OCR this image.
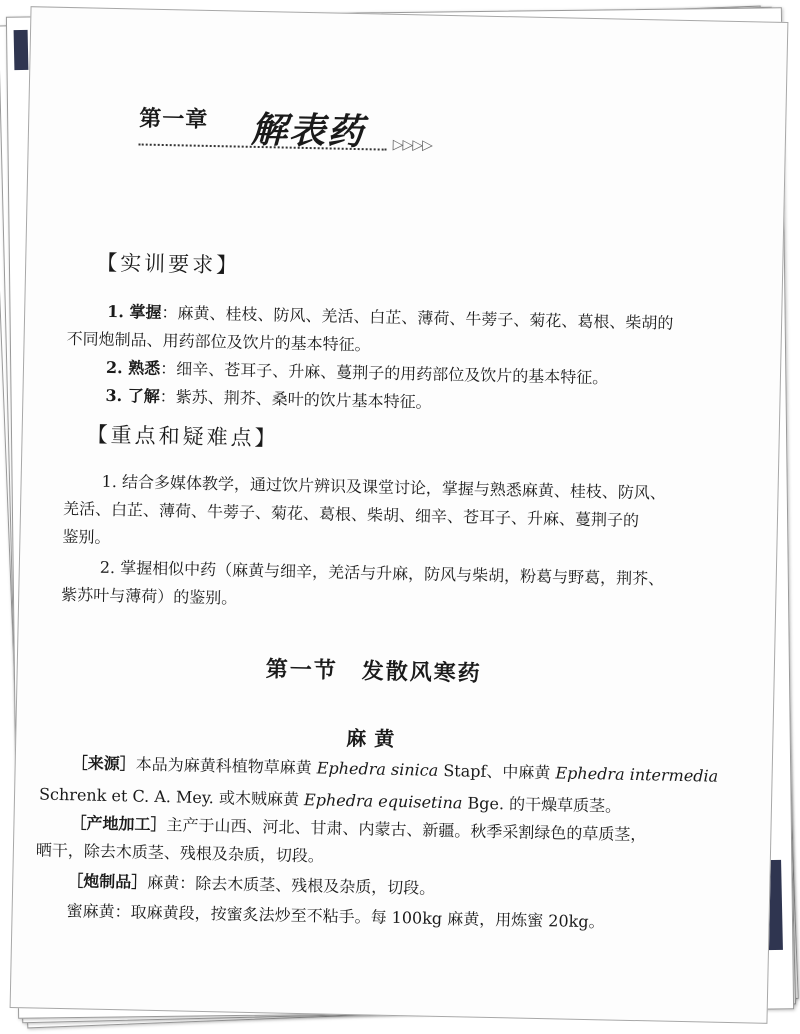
第一章 解表药 ▷▷▷▷
【实训要求】
1. 掌握：麻黄、桂枝、防风、羌活、白芷、薄荷、牛蒡子、菊花、葛根、柴胡的
不同炮制品、用药部位及饮片的基本特征。
2. 熟悉：细辛、苍耳子、升麻、蔓荆子的用药部位及饮片的基本特征。
3. 了解：紫苏、荆芥、桑叶的饮片基本特征。
【重点和疑难点】
1. 结合多媒体教学，通过饮片辨识及课堂讨论，掌握与熟悉麻黄、桂枝、防风、
羌活、白芷、薄荷、牛蒡子、菊花、葛根、柴胡、细辛、苍耳子、升麻、蔓荆子的
鉴别。
2. 掌握相似中药（麻黄与细辛，羌活与升麻，防风与柴胡，粉葛与野葛，荆芥、
紫苏叶与薄荷）的鉴别。
第一节　发散风寒药
麻黄
［来源］本品为麻黄科植物草麻黄 Ephedra sinica Stapf、中麻黄 Ephedra intermedia
Schrenk et C. A. Mey. 或木贼麻黄 Ephedra equisetina Bge. 的干燥草质茎。
［产地加工］主产于山西、河北、甘肃、内蒙古、新疆。秋季采割绿色的草质茎，
晒干，除去木质茎、残根及杂质，切段。
［炮制品］麻黄：除去木质茎、残根及杂质，切段。
蜜麻黄：取麻黄段，按蜜炙法炒至不粘手。每 100kg 麻黄，用炼蜜 20kg。
